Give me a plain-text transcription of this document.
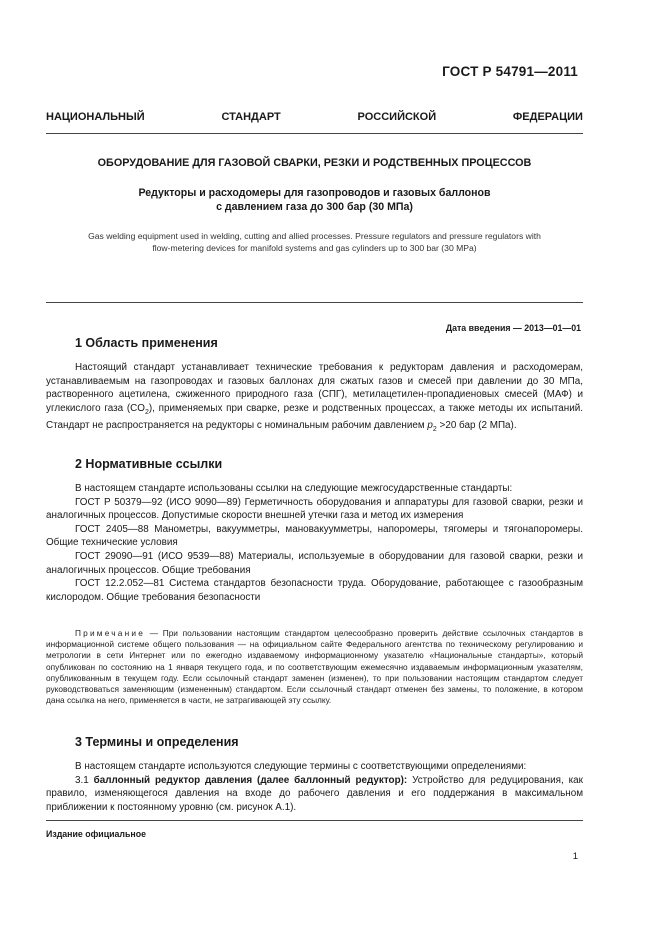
ГОСТ Р 54791—2011
НАЦИОНАЛЬНЫЙ	СТАНДАРТ	РОССИЙСКОЙ	ФЕДЕРАЦИИ
ОБОРУДОВАНИЕ ДЛЯ ГАЗОВОЙ СВАРКИ, РЕЗКИ И РОДСТВЕННЫХ ПРОЦЕССОВ
Редукторы и расходомеры для газопроводов и газовых баллонов
с давлением газа до 300 бар (30 МПа)
Gas welding equipment used in welding, cutting and allied processes. Pressure regulators and pressure regulators with
flow-metering devices for manifold systems and gas cylinders up to 300 bar (30 MPa)
Дата введения — 2013—01—01
1 Область применения

Настоящий стандарт устанавливает технические требования к редукторам давления и расходомерам, устанавливаемым на газопроводах и газовых баллонах для сжатых газов и смесей при давлении до 30 МПа, растворенного ацетилена, сжиженного природного газа (СПГ), метилацетилен-пропадиеновых смесей (МАФ) и углекислого газа $(CO_2)$, применяемых при сварке, резке и родственных процессах, а также методы их испытаний. Стандарт не распространяется на редукторы с номинальным рабочим давлением $p_2 >20$ бар (2 МПа).

2 Нормативные ссылки

В настоящем стандарте использованы ссылки на следующие межгосударственные стандарты:

ГОСТ Р 50379—92 (ИСО 9090—89) Герметичность оборудования и аппаратуры для газовой сварки, резки и аналогичных процессов. Допустимые скорости внешней утечки газа и метод их измерения

ГОСТ 2405—88 Манометры, вакуумметры, мановакуумметры, напоромеры, тягомеры и тягонапоромеры. Общие технические условия

ГОСТ 29090—91 (ИСО 9539—88) Материалы, используемые в оборудовании для газовой сварки, резки и аналогичных процессов. Общие требования

ГОСТ 12.2.052—81 Система стандартов безопасности труда. Оборудование, работающее с газообразным кислородом. Общие требования безопасности

Примечание — При пользовании настоящим стандартом целесообразно проверить действие ссылочных стандартов в информационной системе общего пользования — на официальном сайте Федерального агентства по техническому регулированию и метрологии в сети Интернет или по ежегодно издаваемому информационному указателю «Национальные стандарты», который опубликован по состоянию на 1 января текущего года, и по соответствующим ежемесячно издаваемым информационным указателям, опубликованным в текущем году. Если ссылочный стандарт заменен (изменен), то при пользовании настоящим стандартом следует руководствоваться заменяющим (измененным) стандартом. Если ссылочный стандарт отменен без замены, то положение, в котором дана ссылка на него, применяется в части, не затрагивающей эту ссылку.

3 Термины и определения

В настоящем стандарте используются следующие термины с соответствующими определениями:

3.1 баллонный редуктор давления (далее баллонный редуктор): Устройство для редуцирования, как правило, изменяющегося давления на входе до рабочего давления и его поддержания в максимальном приближении к постоянному уровню (см. рисунок А.1).

Издание официальное
1
